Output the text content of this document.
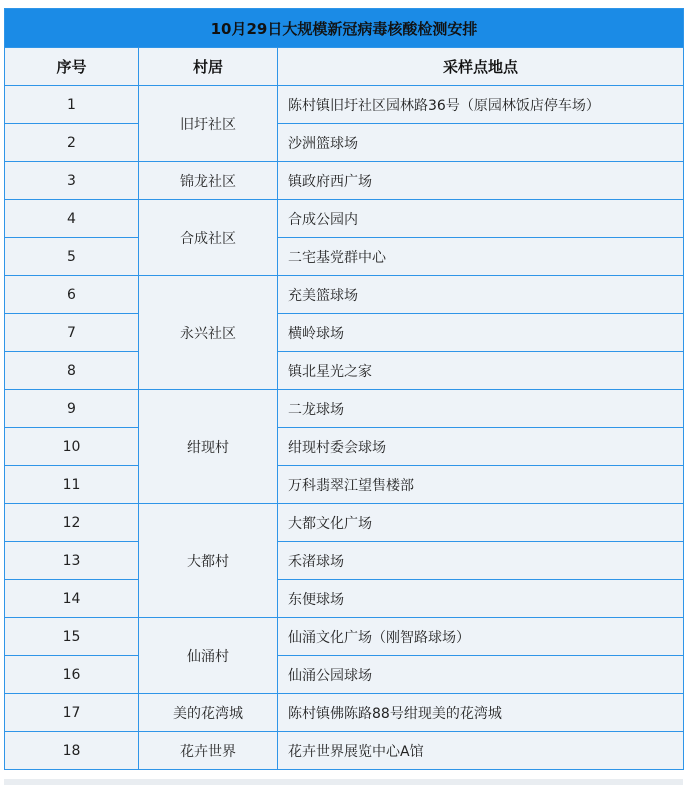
10月29日大规模新冠病毒核酸检测安排		
序号	村居	采样点地点
1	旧圩社区	陈村镇旧圩社区园林路36号（原园林饭店停车场）
2		沙洲篮球场
3	锦龙社区	镇政府西广场
4	合成社区	合成公园内
5		二宅基党群中心
6	永兴社区	充美篮球场
7		横岭球场
8		镇北星光之家
9	绀现村	二龙球场
10		绀现村委会球场
11		万科翡翠江望售楼部
12	大都村	大都文化广场
13		禾渚球场
14		东便球场
15	仙涌村	仙涌文化广场（刚智路球场）
16		仙涌公园球场
17	美的花湾城	陈村镇佛陈路88号绀现美的花湾城
18	花卉世界	花卉世界展览中心A馆
